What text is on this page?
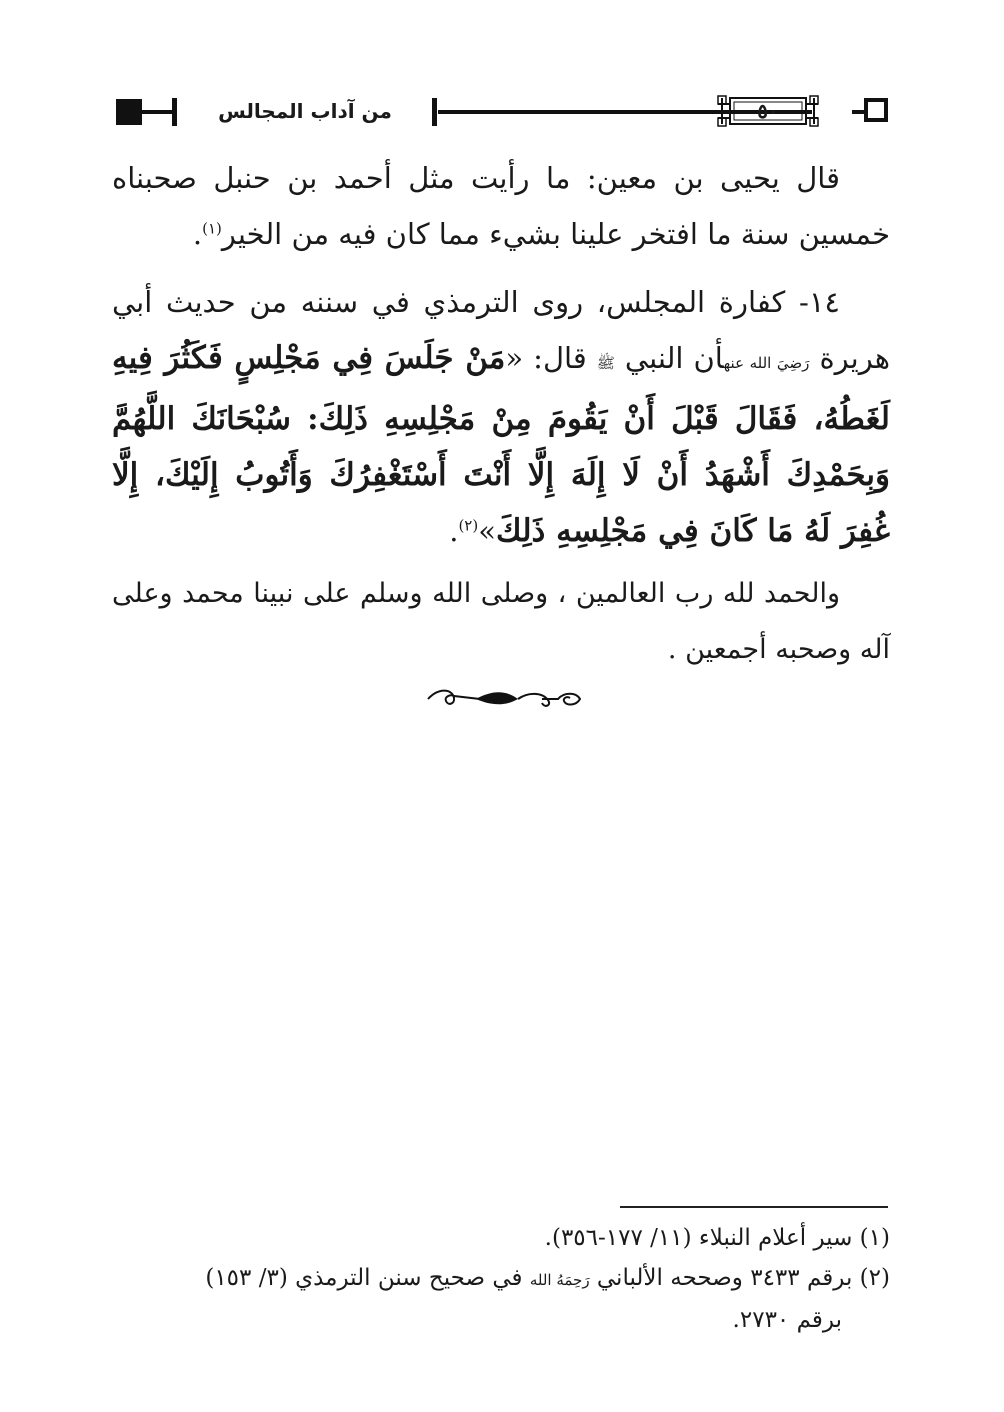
من آداب المجالس	٥٠
قال يحيى بن معين: ما رأيت مثل أحمد بن حنبل صحبناه خمسين سنة ما افتخر علينا بشيء مما كان فيه من الخير$^{(١)}$.
١٤- كفارة المجلس، روى الترمذي في سننه من حديث أبي هريرة رَضِيَ الله عنهأن النبي ﷺ قال: «مَنْ جَلَسَ فِي مَجْلِسٍ فَكَثُرَ فِيهِ لَغَطُهُ، فَقَالَ قَبْلَ أَنْ يَقُومَ مِنْ مَجْلِسِهِ ذَلِكَ: سُبْحَانَكَ اللَّهُمَّ وَبِحَمْدِكَ أَشْهَدُ أَنْ لَا إِلَهَ إِلَّا أَنْتَ أَسْتَغْفِرُكَ وَأَتُوبُ إِلَيْكَ، إِلَّا غُفِرَ لَهُ مَا كَانَ فِي مَجْلِسِهِ ذَلِكَ»$^{(٢)}$.
والحمد لله رب العالمين ، وصلى الله وسلم على نبينا محمد وعلى آله وصحبه أجمعين .
(١) سير أعلام النبلاء (١١/ ١٧٧-٣٥٦).
(٢) برقم ٣٤٣٣ وصححه الألباني رَحِمَهُ الله في صحيح سنن الترمذي (٣/ ١٥٣)
برقم ٢٧٣٠.
